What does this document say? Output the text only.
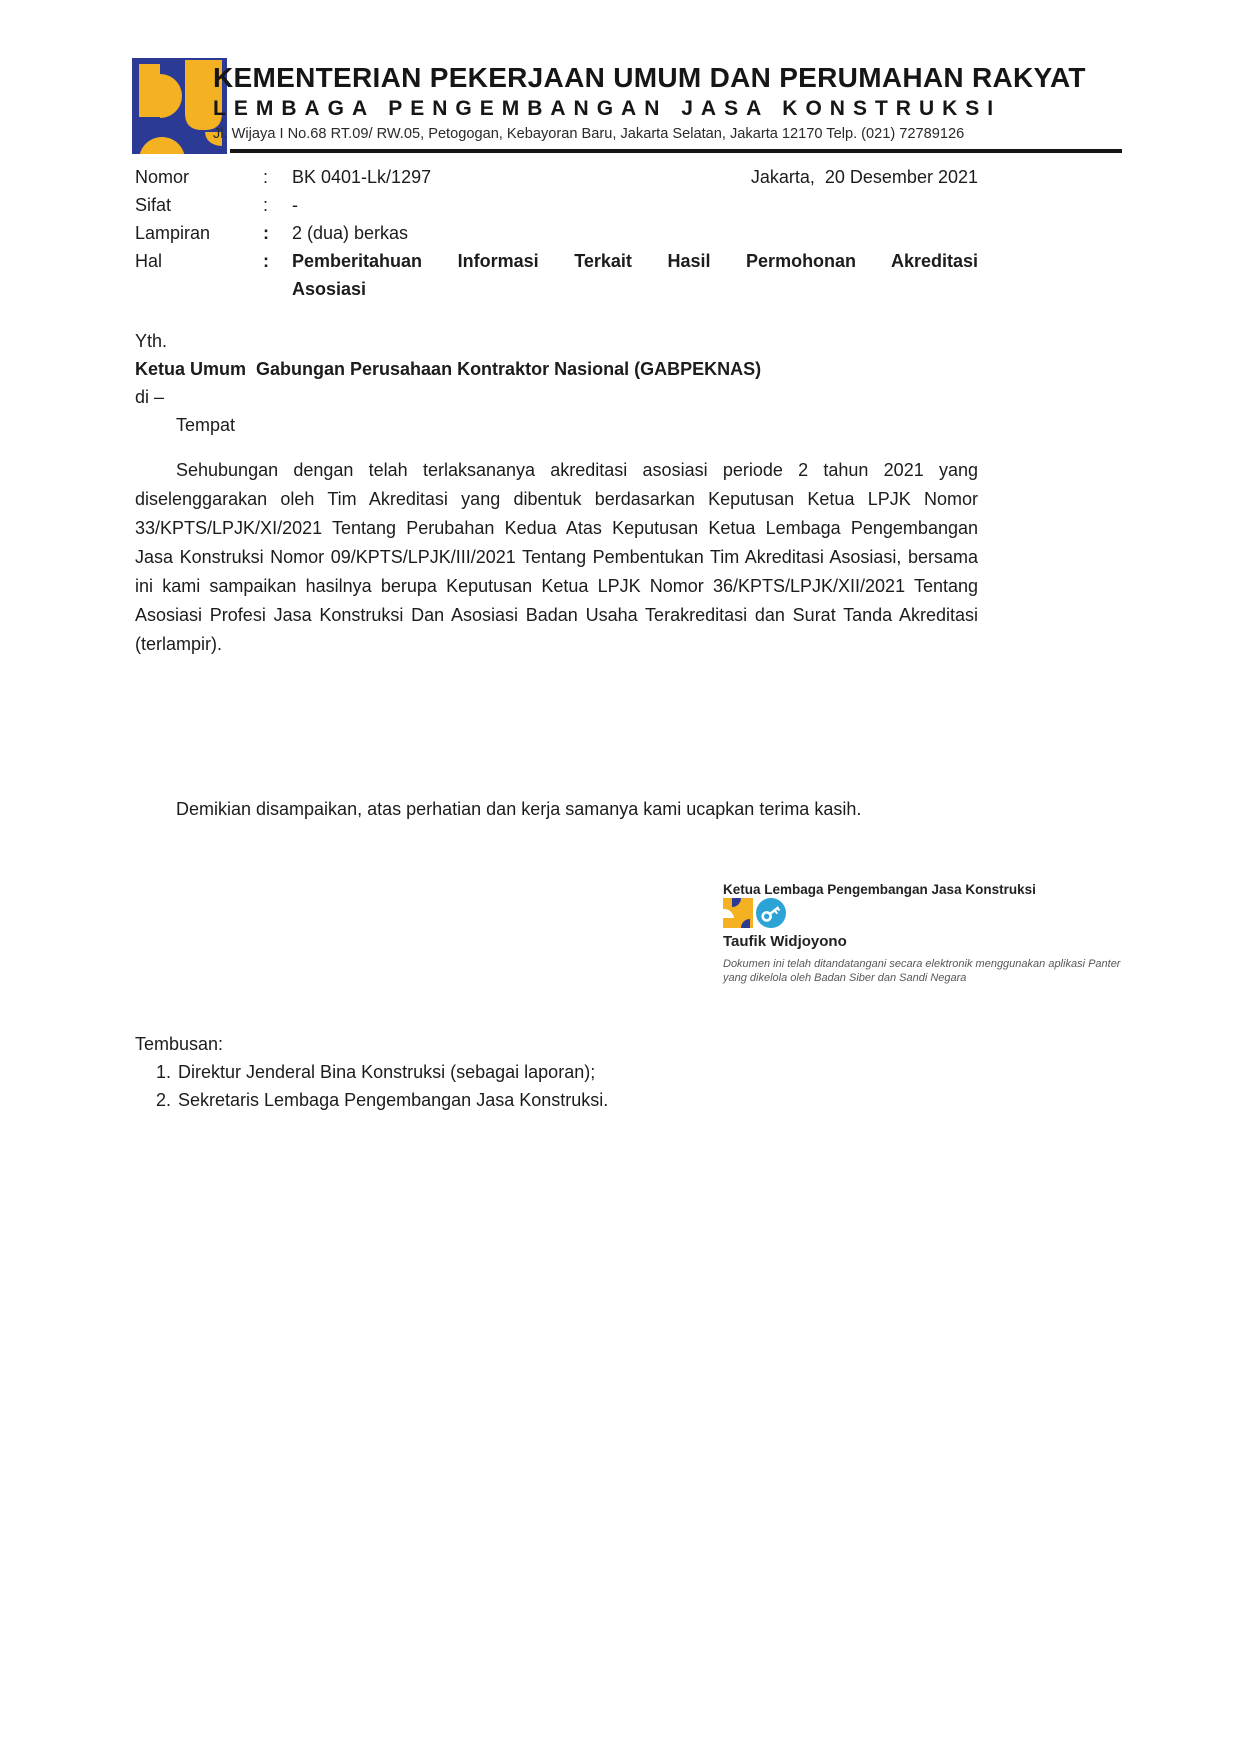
KEMENTERIAN PEKERJAAN UMUM DAN PERUMAHAN RAKYAT
LEMBAGA PENGEMBANGAN JASA KONSTRUKSI
Jl. Wijaya I No.68 RT.09/ RW.05, Petogogan, Kebayoran Baru, Jakarta Selatan, Jakarta 12170 Telp. (021) 72789126
Nomor	:	BK 0401-Lk/1297	Jakarta,  20 Desember 2021
Sifat	:	-
Lampiran	:	2 (dua) berkas
Hal	:	Pemberitahuan Informasi Terkait Hasil Permohonan Akreditasi
Asosiasi
Yth.
Ketua Umum  Gabungan Perusahaan Kontraktor Nasional (GABPEKNAS)
di –
Tempat

Sehubungan dengan telah terlaksananya akreditasi asosiasi periode 2 tahun 2021 yang diselenggarakan oleh Tim Akreditasi yang dibentuk berdasarkan Keputusan Ketua LPJK Nomor 33/KPTS/LPJK/XI/2021 Tentang Perubahan Kedua Atas Keputusan Ketua Lembaga Pengembangan Jasa Konstruksi Nomor 09/KPTS/LPJK/III/2021 Tentang Pembentukan Tim Akreditasi Asosiasi, bersama ini kami sampaikan hasilnya berupa Keputusan Ketua LPJK Nomor 36/KPTS/LPJK/XII/2021 Tentang Asosiasi Profesi Jasa Konstruksi Dan Asosiasi Badan Usaha Terakreditasi dan Surat Tanda Akreditasi (terlampir).

Demikian disampaikan, atas perhatian dan kerja samanya kami ucapkan terima kasih.

Ketua Lembaga Pengembangan Jasa Konstruksi
Taufik Widjoyono
Dokumen ini telah ditandatangani secara elektronik menggunakan aplikasi Panter yang dikelola oleh Badan Siber dan Sandi Negara
Tembusan:
1. Direktur Jenderal Bina Konstruksi (sebagai laporan);
2. Sekretaris Lembaga Pengembangan Jasa Konstruksi.
